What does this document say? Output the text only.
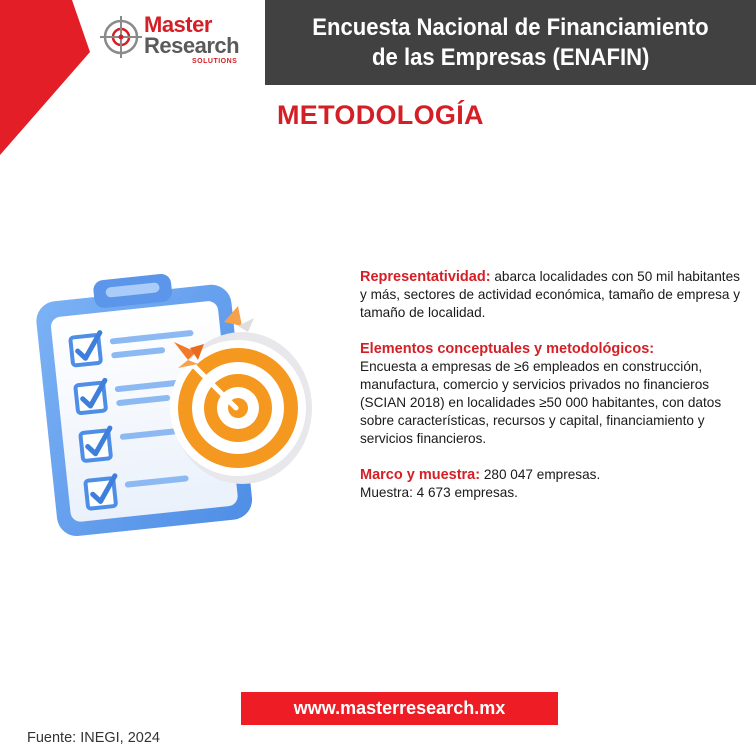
Master
Research
SOLUTIONS
Encuesta Nacional de Financiamiento
de las Empresas (ENAFIN)
METODOLOGÍA
Representatividad: abarca localidades con 50 mil habitantes y más, sectores de actividad económica, tamaño de empresa y tamaño de localidad.
Elementos conceptuales y metodológicos:
Encuesta a empresas de ≥6 empleados en construcción, manufactura, comercio y servicios privados no financieros (SCIAN 2018) en localidades ≥50 000 habitantes, con datos sobre características, recursos y capital, financiamiento y servicios financieros.
Marco y muestra: 280 047 empresas.
Muestra: 4 673 empresas.
www.masterresearch.mx
Fuente: INEGI, 2024
